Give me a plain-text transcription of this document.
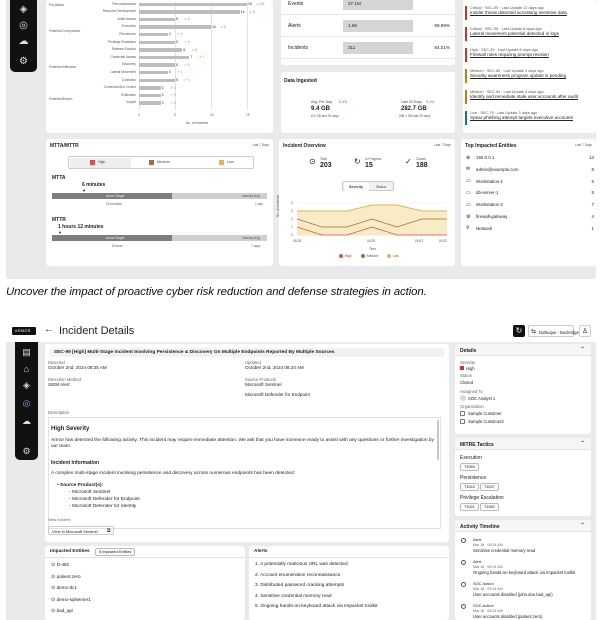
◈
◎
☁
⚙
15 ↘ 10
14 ↘ 3
5 ↘ 1
10 ↘ 2
4 ↗ 1
5 ↗ 5
6 ↗ 8
7 ↗ 7
5 ↗ 5
4 ↗ 1
5 ↗ 1
3 ↗ 3
3 ↗ 3
3 ↗ 3
No. of Incidents
Pre-Attack
Potential Compromise
Potential Infiltration
Potential Breach
Reconnaissance
Resource Development
Initial Access
Execution
Persistence
Privilege Escalation
Defense Evasion
Credential Access
Discovery
Lateral Movement
Collection
Command And Control
Exfiltration
Impact
0	5	10	15
Events	27.1M
Alerts	1.9K	99.99%
Incidents	311	84.01%
Data Ingested
Avg. Per Day 5.4%
9.4 GB
8.9 GB last 30 days
Last 30 Days 5.4%
282.7 GB
268.1 GB last 30 days
Critical · SEC-95 · Last Update 12 days ago
Insider threat detected accessing sensitive data
Critical · SEC-96 · Last Update 8 days ago
Lateral movement potential detected in logs
High · SEC-95 · Last Update 8 days ago
Firewall rules requiring prompt revision
Medium · SEC-89 · Last Update 4 days ago
Security awareness program update is pending
Medium · SEC-84 · Last Update 4 days ago
Identify and remediate stale user accounts after audit
Low · SEC-79 · Last Update 3 days ago
Spear phishing attempt targets executive accounts
MTTA/MTTR	Last 7 Days
High	Medium	Low
MTTA
6 minutes
▼
Armor Target	Industry Avg.
15 minutes	1 day
MTTR
1 hours 12 minutes
▼
Armor Target	Industry Avg.
8 hours	7 days
Incident Overview	Last 7 Days
⊙ Total
203	↻ In Progress
15	✓ Closed
188
Severity	Status
No. of Incidents
Time
High	Medium	Low
4
3
2
1
0
01/28	01/25	01/03	01/22
Top Impacted Entities	Last 7 Days
⊕ 192.0.0.1	13
✉ admin@example.com	8
▭ Workstation-1	5
▭ db-server-1	5
▭ Workstation-2	7
⚙ firewall-gateway	4
⚲ Network	1
Uncover the impact of proactive cyber risk reduction and defense strategies in action.
ARMOR ← Incident Details	↻	⇆ DuBuque - Buckridge ♙
▤
⌂
◈
◎
☁
⚙
SEC-99 [High] Multi-Stage Incident Involving Persistence & Discovery On Multiple Endpoints Reported By Multiple Sources
Detected
October 2nd, 2024 08:25 AM
Updated
October 2nd, 2024 08:24 AM
Detection Method
SIEM Alert
Source Products
Microsoft Sentinel
Microsoft Defender for Endpoint
Description
High Severity
Armor has detected the following activity. This incident may require immediate attention. We ask that you have someone ready to assist with any questions or further investigation by our team.
Incident Information
A complex multi-stage incident involving persistence and discovery across numerous endpoints has been detected:
• Source Product(s):
◦ Microsoft Sentinel
◦ Microsoft Defender for Endpoint
◦ Microsoft Defender for Identity
View Incident
View in Microsoft Sentinel ⧉
Impacted Entities	6 Impacted Entities
⊙ D-482
⊙ patient.zero
⊙ demo-dc1
⊙ demo-sqlserver1
⊙ bad_api
Alerts
1. A potentially malicious URL was detected
2. Account enumeration reconnaissance
3. Distributed password cracking attempts
4. Sensitive credential memory read
5. Ongoing hands-on-keyboard attack via Impacket toolkit
Details	⌃
Severity
High
Status
Closed
Assigned To
SOC Analyst 1
Organization
Sample Customer
Sample Customer2
MITRE Tactics	⌃
Execution
T1059
Persistence
T1043	T1047
Privilege Escalation
T1021	T1082
Activity Timeline	⌃
Alert
Mar 18 · 09:24 AM
Sensitive credential memory read
Alert
Mar 18 · 09:24 AM
Ongoing hands-on-keyboard attack via Impacket toolkit
SOC Action
Mar 18 · 09:24 AM
User accounts disabled (john.doe,bad_api)
SOC Action
Mar 18 · 09:24 AM
User accounts disabled (patient.zero)
